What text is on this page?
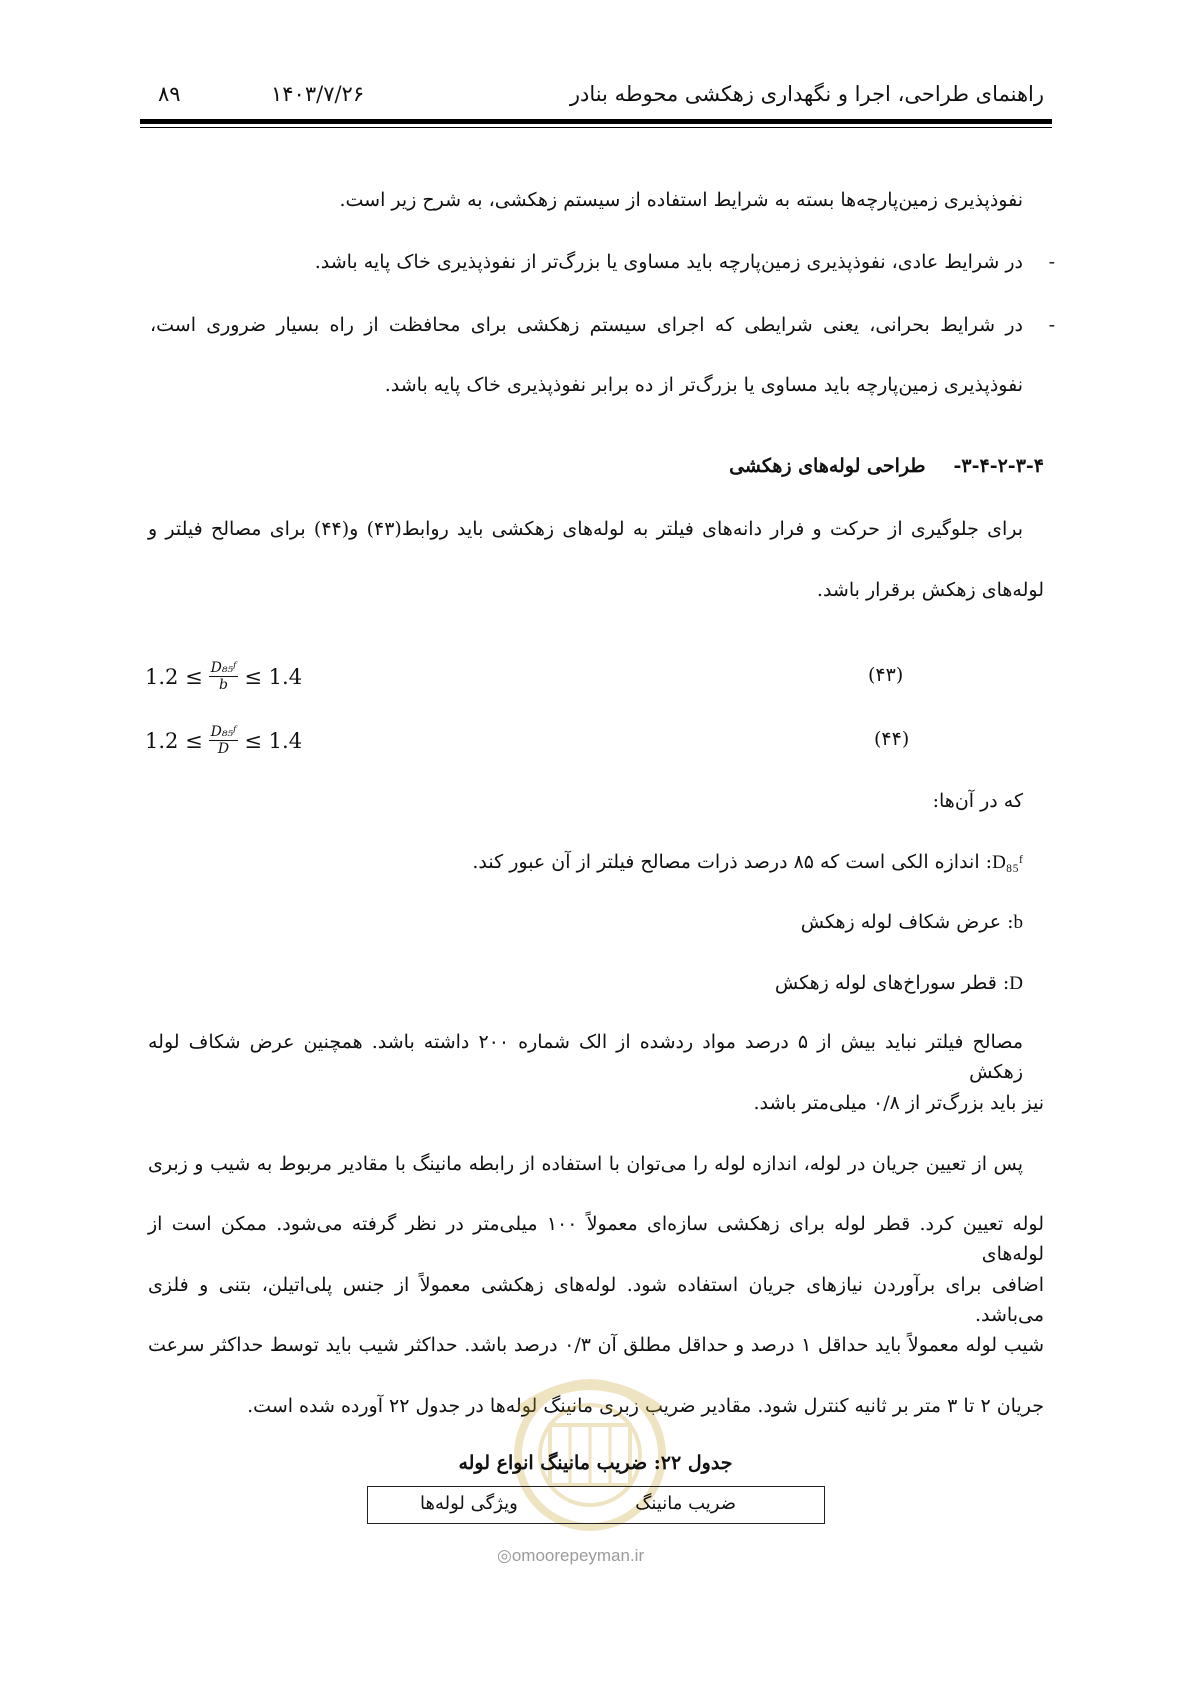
راهنمای طراحی، اجرا و نگهداری زهکشی محوطه بنادر
۱۴۰۳/۷/۲۶
۸۹
نفوذپذیری زمین‌پارچه‌ها بسته به شرایط استفاده از سیستم زهکشی، به شرح زیر است.
-
در شرایط عادی، نفوذپذیری زمین‌پارچه باید مساوی یا بزرگ‌تر از نفوذپذیری خاک پایه باشد.
-
در شرایط بحرانی، یعنی شرایطی که اجرای سیستم زهکشی برای محافظت از راه بسیار ضروری است،
نفوذپذیری زمین‌پارچه باید مساوی یا بزرگ‌تر از ده برابر نفوذپذیری خاک پایه باشد.
۳-۴-۲-۳-۴-طراحی لوله‌های زهکشی
برای جلوگیری از حرکت و فرار دانه‌های فیلتر به لوله‌های زهکشی باید روابط(۴۳) و(۴۴) برای مصالح فیلتر و
لوله‌های زهکش برقرار باشد.
$1.2 \le \frac{\text{D₈₅ᶠ}}{b} \le 1.4$	(۴۳)
$1.2 \le \frac{\text{D₈₅ᶠ}}{D} \le 1.4$	(۴۴)
که در آن‌ها:
D₈₅ᶠ: اندازه الکی است که ۸۵ درصد ذرات مصالح فیلتر از آن عبور کند.
b: عرض شکاف لوله زهکش
D: قطر سوراخ‌های لوله زهکش
مصالح فیلتر نباید بیش از ۵ درصد مواد ردشده از الک شماره ۲۰۰ داشته باشد. همچنین عرض شکاف لوله زهکش
نیز باید بزرگ‌تر از ۰/۸ میلی‌متر باشد.
پس از تعیین جریان در لوله، اندازه لوله را می‌توان با استفاده از رابطه مانینگ با مقادیر مربوط به شیب و زبری
لوله تعیین کرد. قطر لوله برای زهکشی سازه‌ای معمولاً ۱۰۰ میلی‌متر در نظر گرفته می‌شود. ممکن است از لوله‌های
اضافی برای برآوردن نیازهای جریان استفاده شود. لوله‌های زهکشی معمولاً از جنس پلی‌اتیلن، بتنی و فلزی می‌باشد.
شیب لوله معمولاً باید حداقل ۱ درصد و حداقل مطلق آن ۰/۳ درصد باشد. حداکثر شیب باید توسط حداکثر سرعت
جریان ۲ تا ۳ متر بر ثانیه کنترل شود. مقادیر ضریب زبری مانینگ لوله‌ها در جدول ۲۲ آورده شده است.
جدول ۲۲: ضریب مانینگ انواع لوله
ضریب مانینگ
ویژگی لوله‌ها
◎omoorepeyman.ir
